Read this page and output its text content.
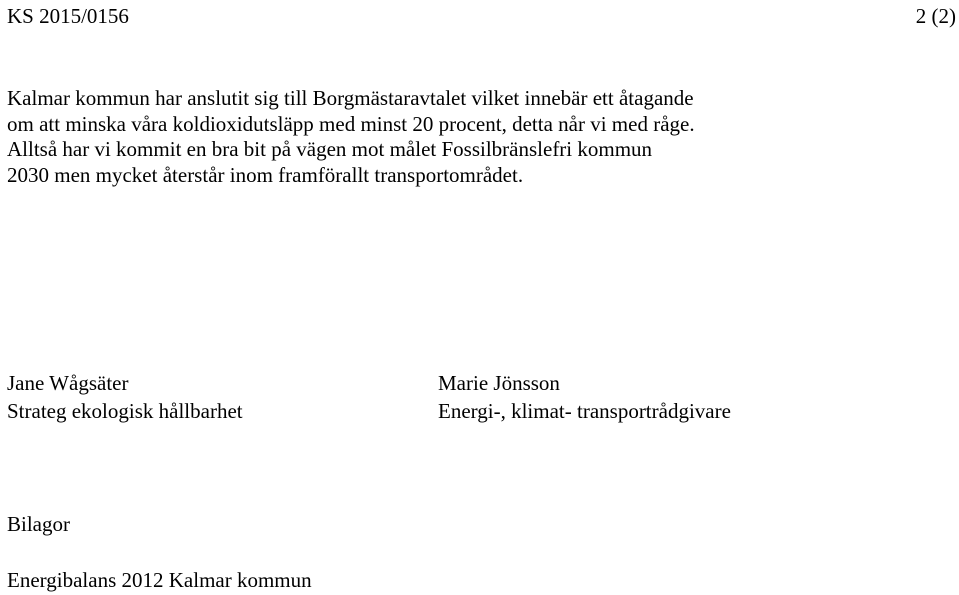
KS 2015/0156	2 (2)

Kalmar kommun har anslutit sig till Borgmästaravtalet vilket innebär ett åtagande
om att minska våra koldioxidutsläpp med minst 20 procent, detta når vi med råge.
Alltså har vi kommit en bra bit på vägen mot målet Fossilbränslefri kommun
2030 men mycket återstår inom framförallt transportområdet.

Jane Wågsäter
Strateg ekologisk hållbarhet
Marie Jönsson
Energi-, klimat- transportrådgivare
Bilagor
Energibalans 2012 Kalmar kommun
